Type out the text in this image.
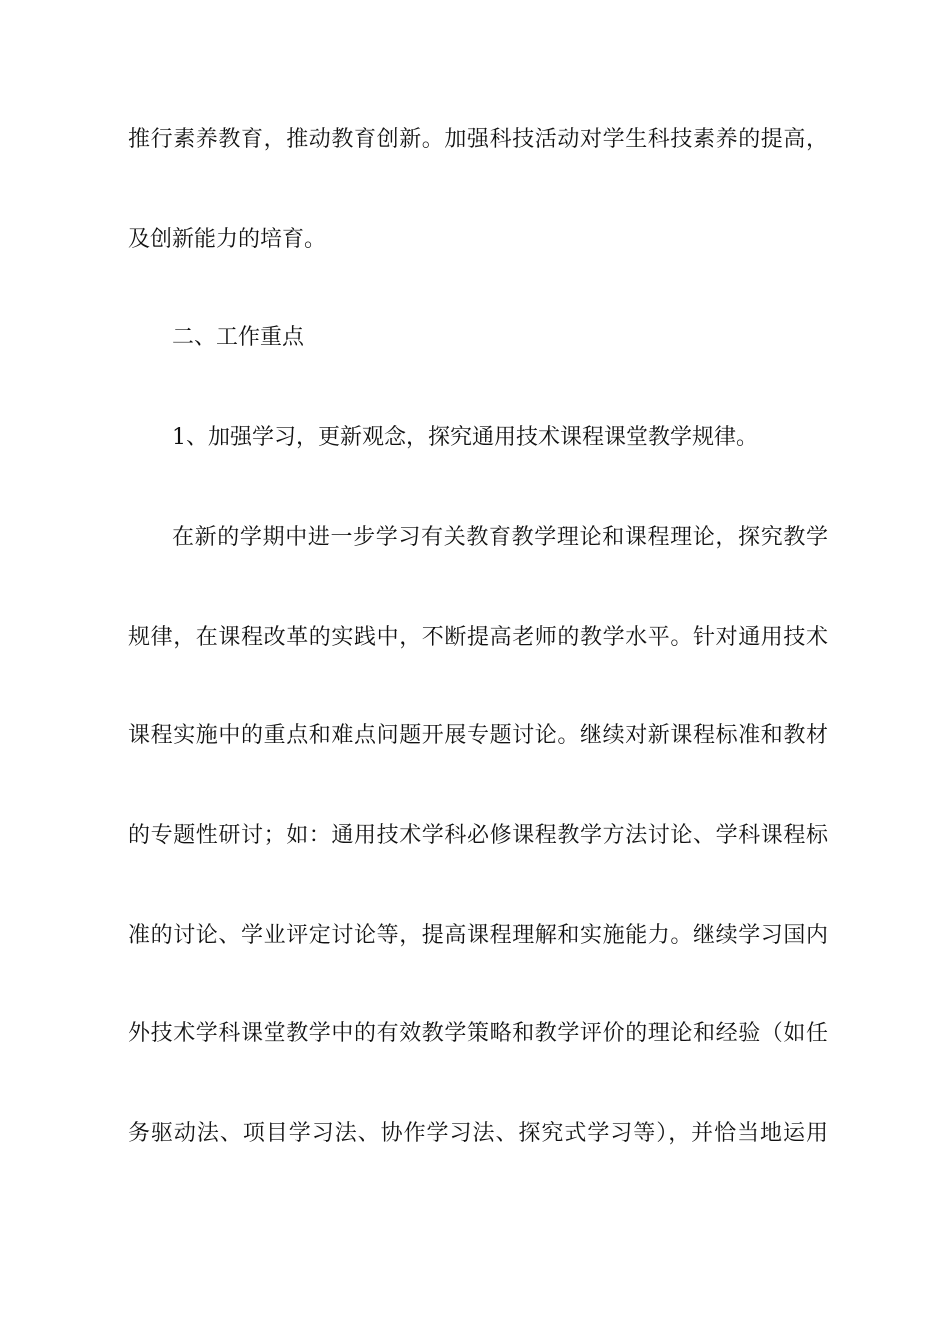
推行素养教育，推动教育创新。加强科技活动对学生科技素养的提高，
及创新能力的培育。
二、工作重点
1、加强学习，更新观念，探究通用技术课程课堂教学规律。
在新的学期中进一步学习有关教育教学理论和课程理论，探究教学
规律，在课程改革的实践中，不断提高老师的教学水平。针对通用技术
课程实施中的重点和难点问题开展专题讨论。继续对新课程标准和教材
的专题性研讨；如：通用技术学科必修课程教学方法讨论、学科课程标
准的讨论、学业评定讨论等，提高课程理解和实施能力。继续学习国内
外技术学科课堂教学中的有效教学策略和教学评价的理论和经验（如任
务驱动法、项目学习法、协作学习法、探究式学习等），并恰当地运用
